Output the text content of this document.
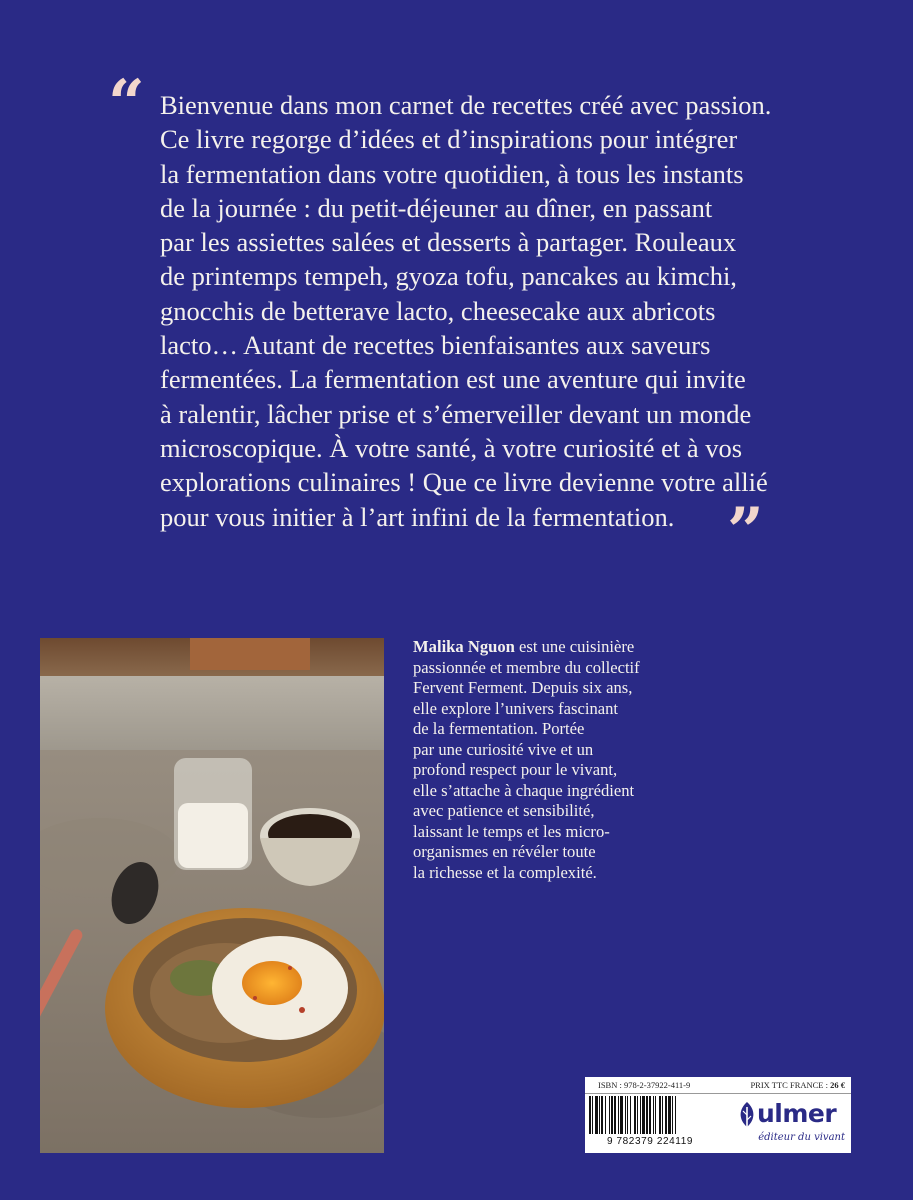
“ Bienvenue dans mon carnet de recettes créé avec passion.
Ce livre regorge d’idées et d’inspirations pour intégrer
la fermentation dans votre quotidien, à tous les instants
de la journée : du petit-déjeuner au dîner, en passant
par les assiettes salées et desserts à partager. Rouleaux
de printemps tempeh, gyoza tofu, pancakes au kimchi,
gnocchis de betterave lacto, cheesecake aux abricots
lacto… Autant de recettes bienfaisantes aux saveurs
fermentées. La fermentation est une aventure qui invite
à ralentir, lâcher prise et s’émerveiller devant un monde
microscopique. À votre santé, à votre curiosité et à vos
explorations culinaires ! Que ce livre devienne votre allié
pour vous initier à l’art infini de la fermentation. ”
Malika Nguon est une cuisinière
passionnée et membre du collectif
Fervent Ferment. Depuis six ans,
elle explore l’univers fascinant
de la fermentation. Portée
par une curiosité vive et un
profond respect pour le vivant,
elle s’attache à chaque ingrédient
avec patience et sensibilité,
laissant le temps et les micro-
organismes en révéler toute
la richesse et la complexité.
ISBN : 978-2-37922-411-9	PRIX TTC FRANCE : 26 €
9 782379 224119
ulmer
éditeur du vivant
